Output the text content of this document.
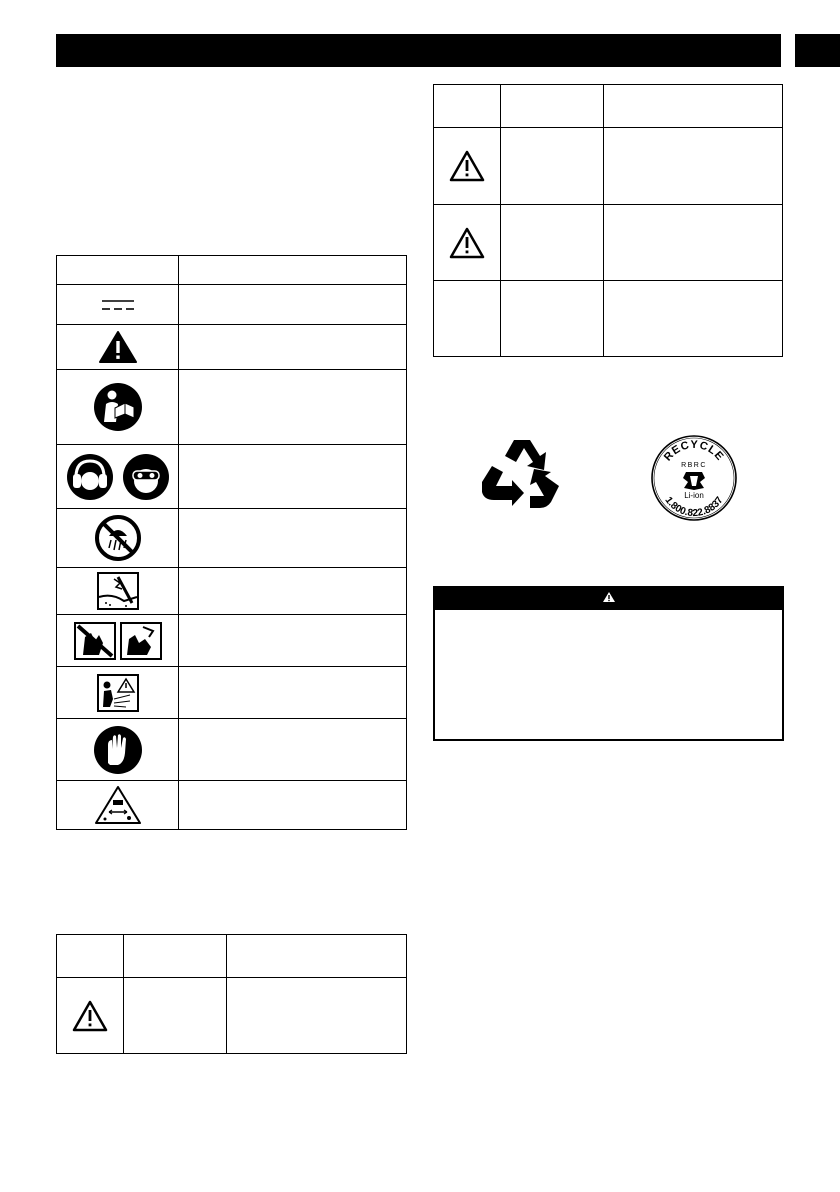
RECYCLE
RBRC
Li-ion
1.800.822.8837
